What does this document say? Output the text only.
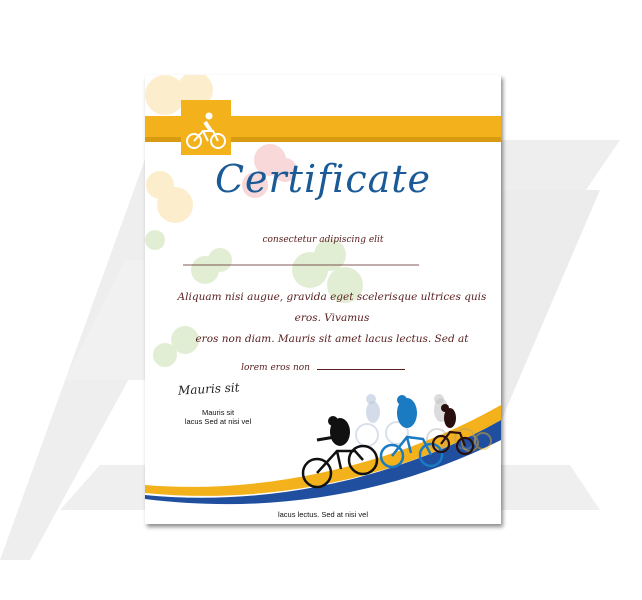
Certificate
consectetur adipiscing elit
Aliquam nisi augue, gravida eget scelerisque ultrices quis eros. Vivamus
eros non diam. Mauris sit amet lacus lectus. Sed at
lorem eros non
Mauris sit
Mauris sit
lacus Sed at nisi vel
lacus lectus. Sed at nisi vel
